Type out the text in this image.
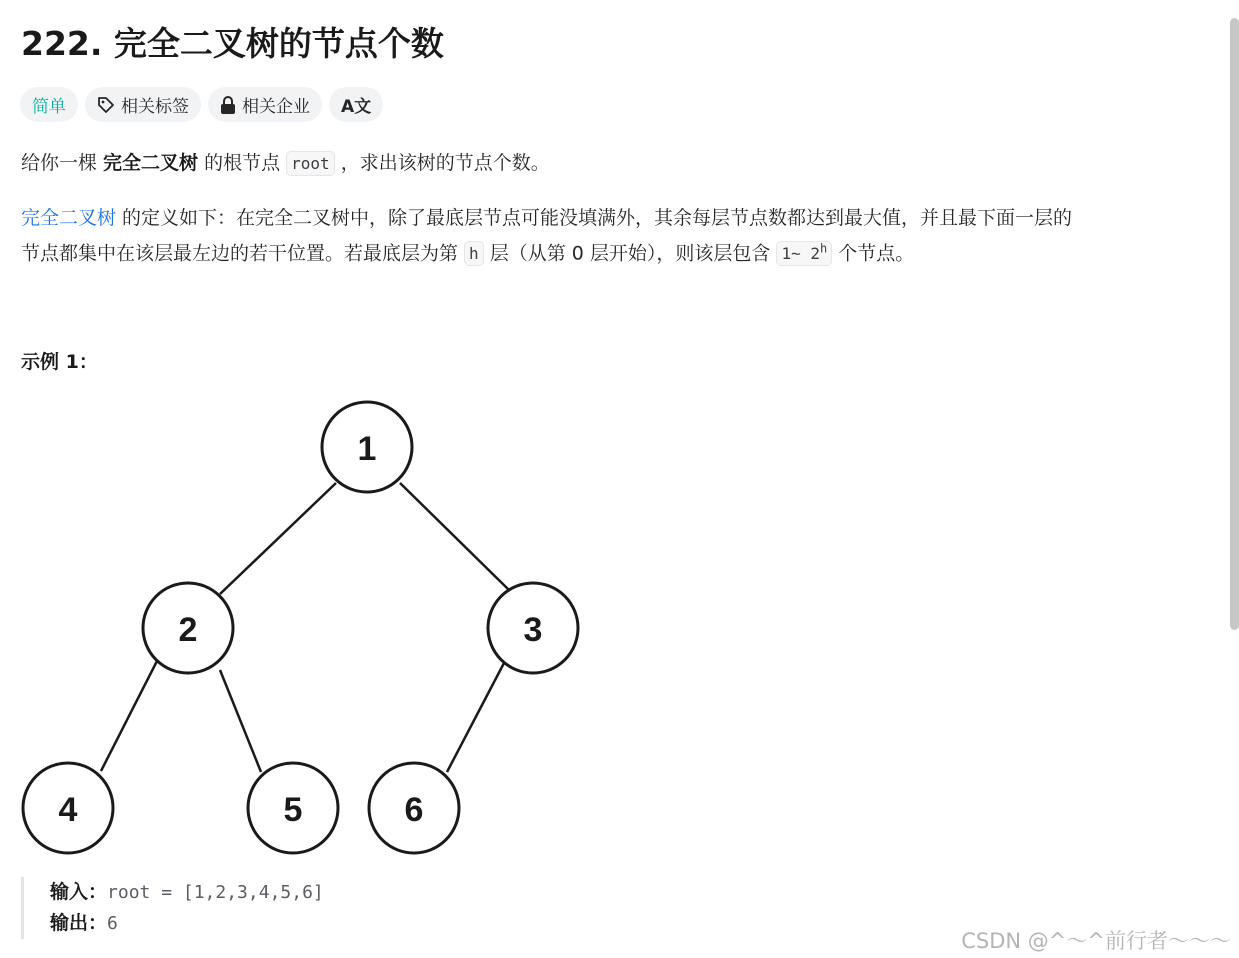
222. 完全二叉树的节点个数
简单	相关标签	相关企业 A文
给你一棵 完全二叉树 的根节点 root ，求出该树的节点个数。
完全二叉树 的定义如下：在完全二叉树中，除了最底层节点可能没填满外，其余每层节点数都达到最大值，并且最下面一层的
节点都集中在该层最左边的若干位置。若最底层为第 h 层（从第 0 层开始），则该层包含 1~ 2$^h$ 个节点。
示例 1：
1
2	3
4	5	6
输入：root = [1,2,3,4,5,6]
输出：6
CSDN @^～^前行者～～～
